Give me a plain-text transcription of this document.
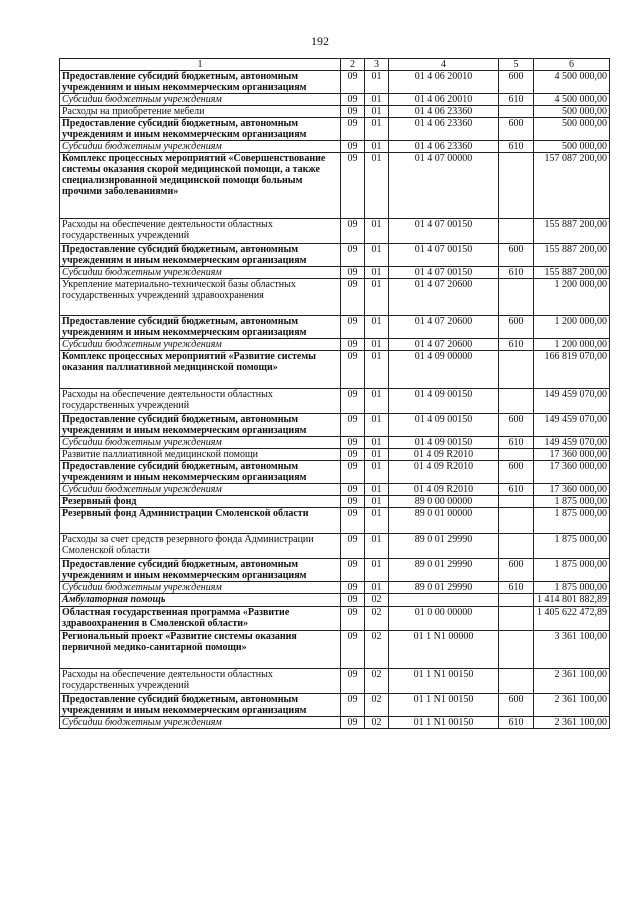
192
1	2	3	4	5	6
Предоставление субсидий бюджетным, автономным учреждениям и иным некоммерческим организациям	09	01	01 4 06 20010	600	4 500 000,00
Субсидии бюджетным учреждениям	09	01	01 4 06 20010	610	4 500 000,00
Расходы на приобретение мебели	09	01	01 4 06 23360		500 000,00
Предоставление субсидий бюджетным, автономным учреждениям и иным некоммерческим организациям	09	01	01 4 06 23360	600	500 000,00
Субсидии бюджетным учреждениям	09	01	01 4 06 23360	610	500 000,00
Комплекс процессных мероприятий «Совершенствование системы оказания скорой медицинской помощи, а также специализированной медицинской помощи больным прочими заболеваниями»	09	01	01 4 07 00000		157 087 200,00
Расходы на обеспечение деятельности областных государственных учреждений	09	01	01 4 07 00150		155 887 200,00
Предоставление субсидий бюджетным, автономным учреждениям и иным некоммерческим организациям	09	01	01 4 07 00150	600	155 887 200,00
Субсидии бюджетным учреждениям	09	01	01 4 07 00150	610	155 887 200,00
Укрепление материально-технической базы областных государственных учреждений здравоохранения	09	01	01 4 07 20600		1 200 000,00
Предоставление субсидий бюджетным, автономным учреждениям и иным некоммерческим организациям	09	01	01 4 07 20600	600	1 200 000,00
Субсидии бюджетным учреждениям	09	01	01 4 07 20600	610	1 200 000,00
Комплекс процессных мероприятий «Развитие системы оказания паллиативной медицинской помощи»	09	01	01 4 09 00000		166 819 070,00
Расходы на обеспечение деятельности областных государственных учреждений	09	01	01 4 09 00150		149 459 070,00
Предоставление субсидий бюджетным, автономным учреждениям и иным некоммерческим организациям	09	01	01 4 09 00150	600	149 459 070,00
Субсидии бюджетным учреждениям	09	01	01 4 09 00150	610	149 459 070,00
Развитие паллиативной медицинской помощи	09	01	01 4 09 R2010		17 360 000,00
Предоставление субсидий бюджетным, автономным учреждениям и иным некоммерческим организациям	09	01	01 4 09 R2010	600	17 360 000,00
Субсидии бюджетным учреждениям	09	01	01 4 09 R2010	610	17 360 000,00
Резервный фонд	09	01	89 0 00 00000		1 875 000,00
Резервный фонд Администрации Смоленской области	09	01	89 0 01 00000		1 875 000,00
Расходы за счет средств резервного фонда Администрации Смоленской области	09	01	89 0 01 29990		1 875 000,00
Предоставление субсидий бюджетным, автономным учреждениям и иным некоммерческим организациям	09	01	89 0 01 29990	600	1 875 000,00
Субсидии бюджетным учреждениям	09	01	89 0 01 29990	610	1 875 000,00
Амбулаторная помощь	09	02			1 414 801 882,89
Областная государственная программа «Развитие здравоохранения в Смоленской области»	09	02	01 0 00 00000		1 405 622 472,89
Региональный проект «Развитие системы оказания первичной медико-санитарной помощи»	09	02	01 1 N1 00000		3 361 100,00
Расходы на обеспечение деятельности областных государственных учреждений	09	02	01 1 N1 00150		2 361 100,00
Предоставление субсидий бюджетным, автономным учреждениям и иным некоммерческим организациям	09	02	01 1 N1 00150	600	2 361 100,00
Субсидии бюджетным учреждениям	09	02	01 1 N1 00150	610	2 361 100,00
